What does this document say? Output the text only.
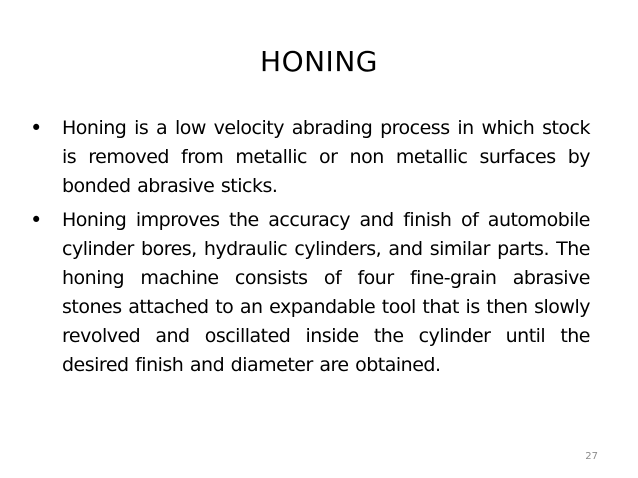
HONING
• Honing is a low velocity abrading process in which stock is removed from metallic or non metallic surfaces by bonded abrasive sticks.
• Honing improves the accuracy and finish of automobile cylinder bores, hydraulic cylinders, and similar parts. The honing machine consists of four fine-grain abrasive stones attached to an expandable tool that is then slowly revolved and oscillated inside the cylinder until the desired finish and diameter are obtained.
27
